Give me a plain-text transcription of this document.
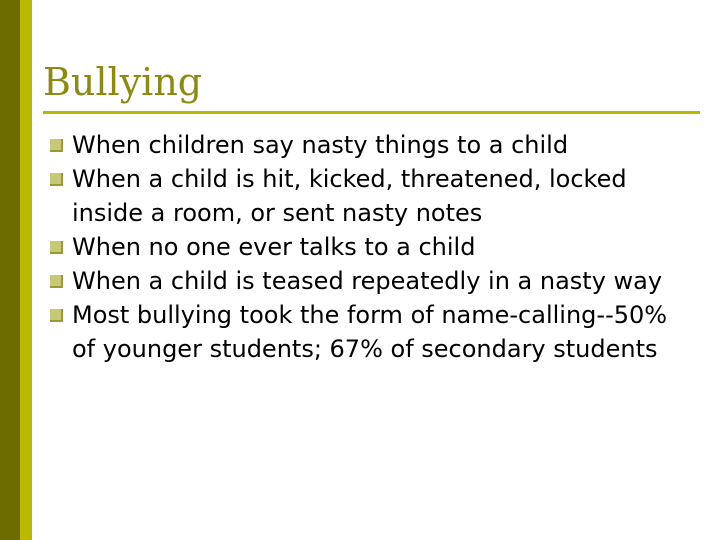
Bullying
When children say nasty things to a child
When a child is hit, kicked, threatened, locked inside a room, or sent nasty notes
When no one ever talks to a child
When a child is teased repeatedly in a nasty way
Most bullying took the form of name-calling--50% of younger students; 67% of secondary students
